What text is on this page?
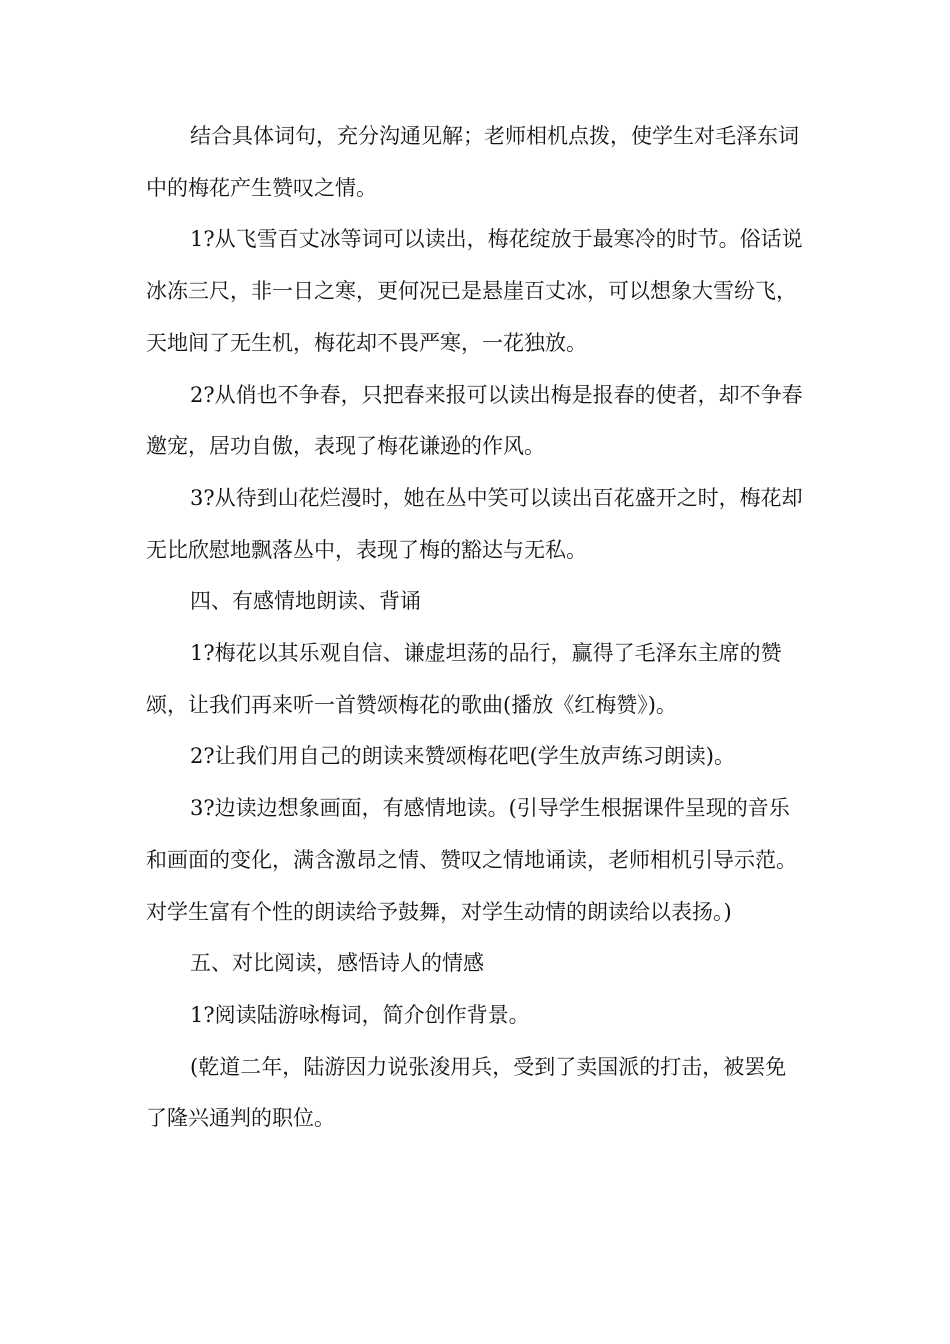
结合具体词句，充分沟通见解；老师相机点拨，使学生对毛泽东词中的梅花产生赞叹之情。

1?从飞雪百丈冰等词可以读出，梅花绽放于最寒冷的时节。俗话说冰冻三尺，非一日之寒，更何况已是悬崖百丈冰，可以想象大雪纷飞，天地间了无生机，梅花却不畏严寒，一花独放。

2?从俏也不争春，只把春来报可以读出梅是报春的使者，却不争春邀宠，居功自傲，表现了梅花谦逊的作风。

3?从待到山花烂漫时，她在丛中笑可以读出百花盛开之时，梅花却无比欣慰地飘落丛中，表现了梅的豁达与无私。

四、有感情地朗读、背诵

1?梅花以其乐观自信、谦虚坦荡的品行，赢得了毛泽东主席的赞颂，让我们再来听一首赞颂梅花的歌曲(播放《红梅赞》)。

2?让我们用自己的朗读来赞颂梅花吧(学生放声练习朗读)。

3?边读边想象画面，有感情地读。(引导学生根据课件呈现的音乐和画面的变化，满含激昂之情、赞叹之情地诵读，老师相机引导示范。对学生富有个性的朗读给予鼓舞，对学生动情的朗读给以表扬。)

五、对比阅读，感悟诗人的情感

1?阅读陆游咏梅词，简介创作背景。

(乾道二年，陆游因力说张浚用兵，受到了卖国派的打击，被罢免了隆兴通判的职位。
